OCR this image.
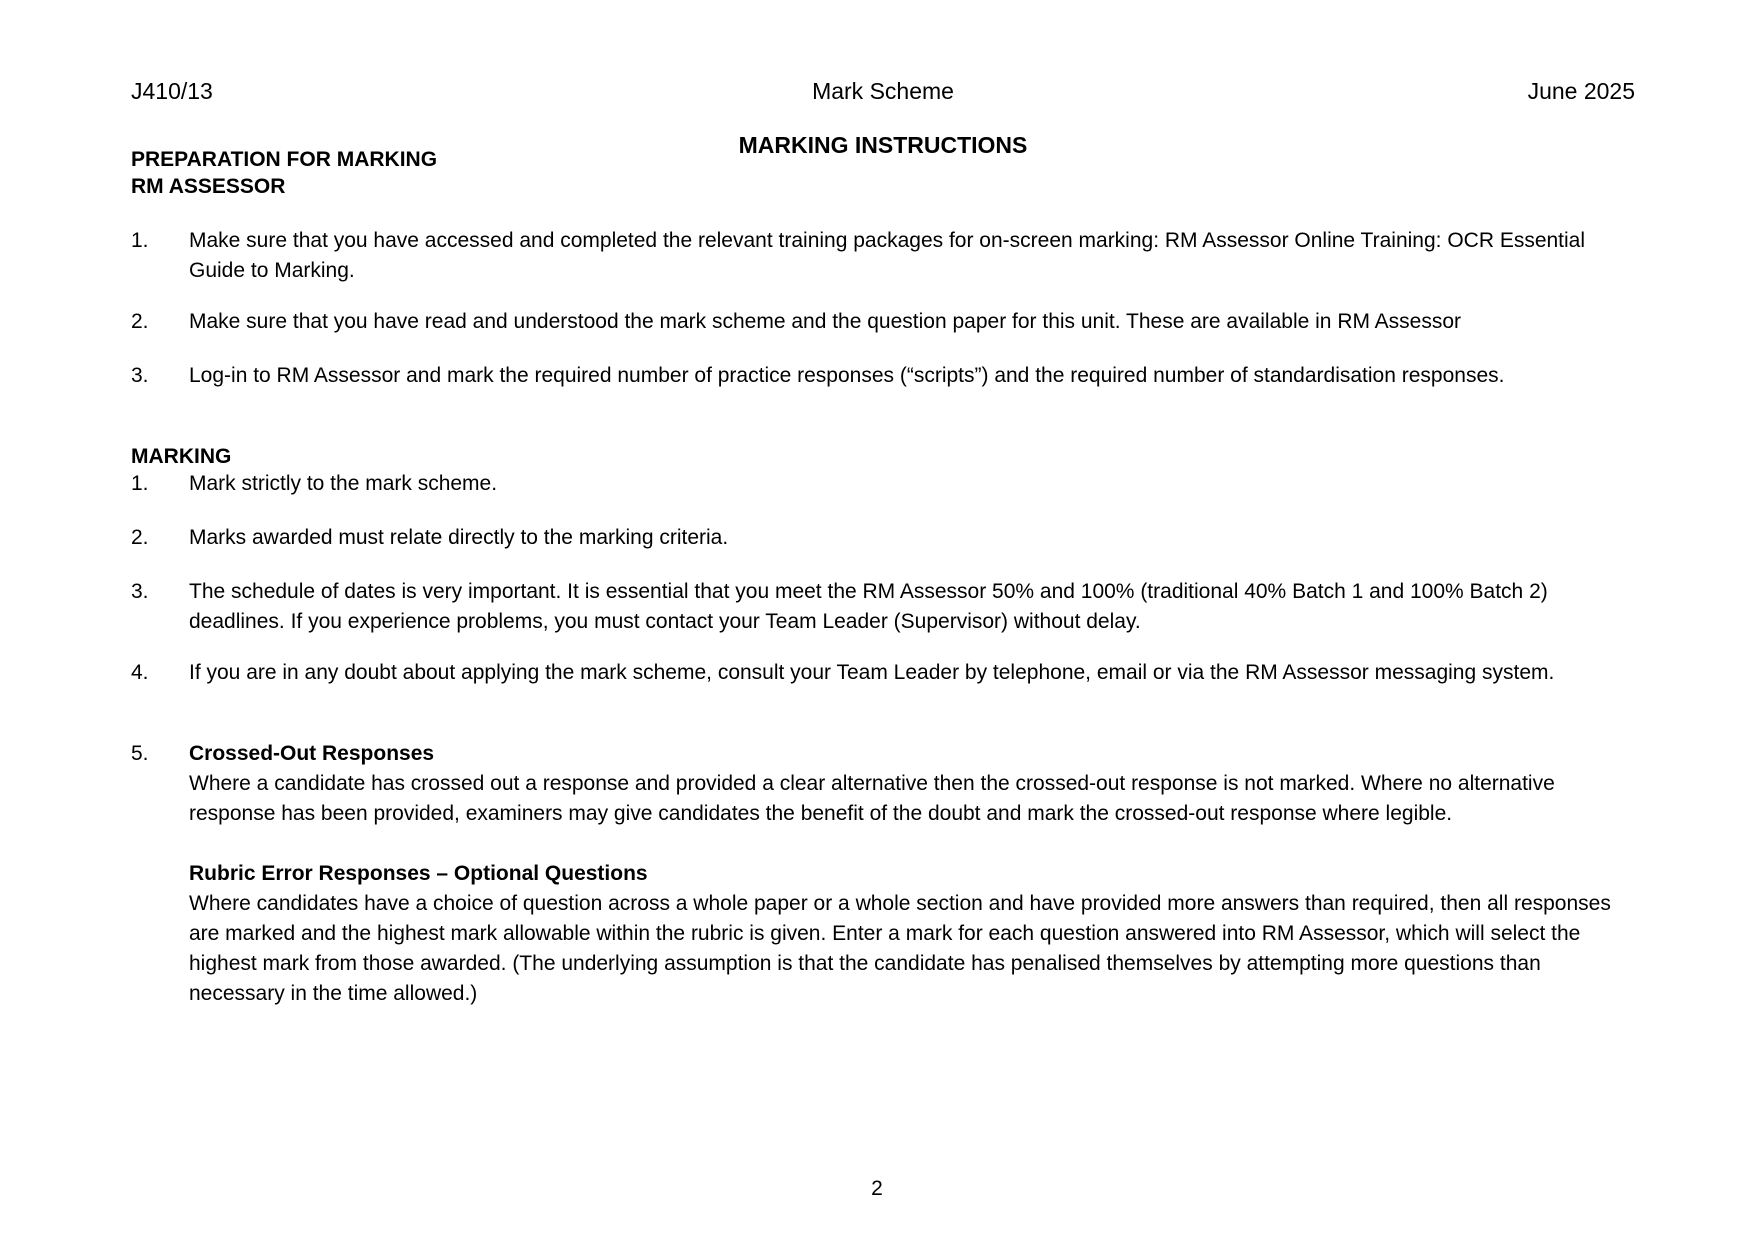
J410/13	Mark Scheme	June 2025
MARKING INSTRUCTIONS
PREPARATION FOR MARKING
RM ASSESSOR
1.	Make sure that you have accessed and completed the relevant training packages for on-screen marking: RM Assessor Online Training: OCR Essential Guide to Marking.
2.	Make sure that you have read and understood the mark scheme and the question paper for this unit. These are available in RM Assessor
3.	Log-in to RM Assessor and mark the required number of practice responses (“scripts”) and the required number of standardisation responses.
MARKING
1.	Mark strictly to the mark scheme.
2.	Marks awarded must relate directly to the marking criteria.
3.	The schedule of dates is very important. It is essential that you meet the RM Assessor 50% and 100% (traditional 40% Batch 1 and 100% Batch 2) deadlines. If you experience problems, you must contact your Team Leader (Supervisor) without delay.
4.	If you are in any doubt about applying the mark scheme, consult your Team Leader by telephone, email or via the RM Assessor messaging system.
5.	Crossed-Out Responses
Where a candidate has crossed out a response and provided a clear alternative then the crossed-out response is not marked. Where no alternative response has been provided, examiners may give candidates the benefit of the doubt and mark the crossed-out response where legible.
Rubric Error Responses – Optional Questions
Where candidates have a choice of question across a whole paper or a whole section and have provided more answers than required, then all responses are marked and the highest mark allowable within the rubric is given. Enter a mark for each question answered into RM Assessor, which will select the highest mark from those awarded. (The underlying assumption is that the candidate has penalised themselves by attempting more questions than necessary in the time allowed.)
2
